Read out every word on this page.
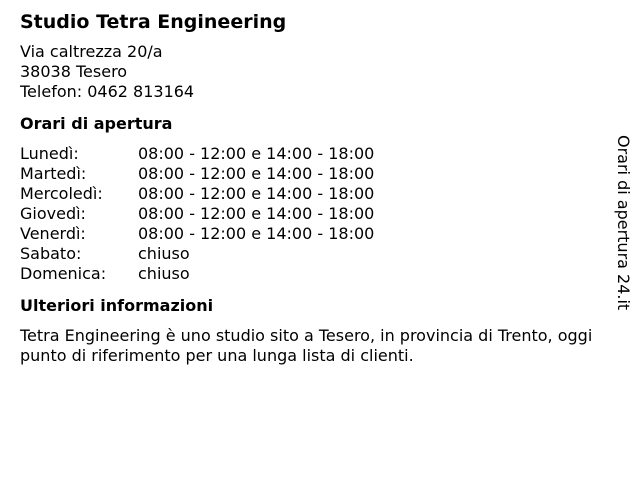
Studio Tetra Engineering
Via caltrezza 20/a
38038 Tesero
Telefon: 0462 813164
Orari di apertura
Lunedì:	08:00 - 12:00 e 14:00 - 18:00
Martedì:	08:00 - 12:00 e 14:00 - 18:00
Mercoledì:	08:00 - 12:00 e 14:00 - 18:00
Giovedì:	08:00 - 12:00 e 14:00 - 18:00
Venerdì:	08:00 - 12:00 e 14:00 - 18:00
Sabato:	chiuso
Domenica:	chiuso
Ulteriori informazioni
Tetra Engineering è uno studio sito a Tesero, in provincia di Trento, oggi punto di riferimento per una lunga lista di clienti.
Orari di apertura 24.it
